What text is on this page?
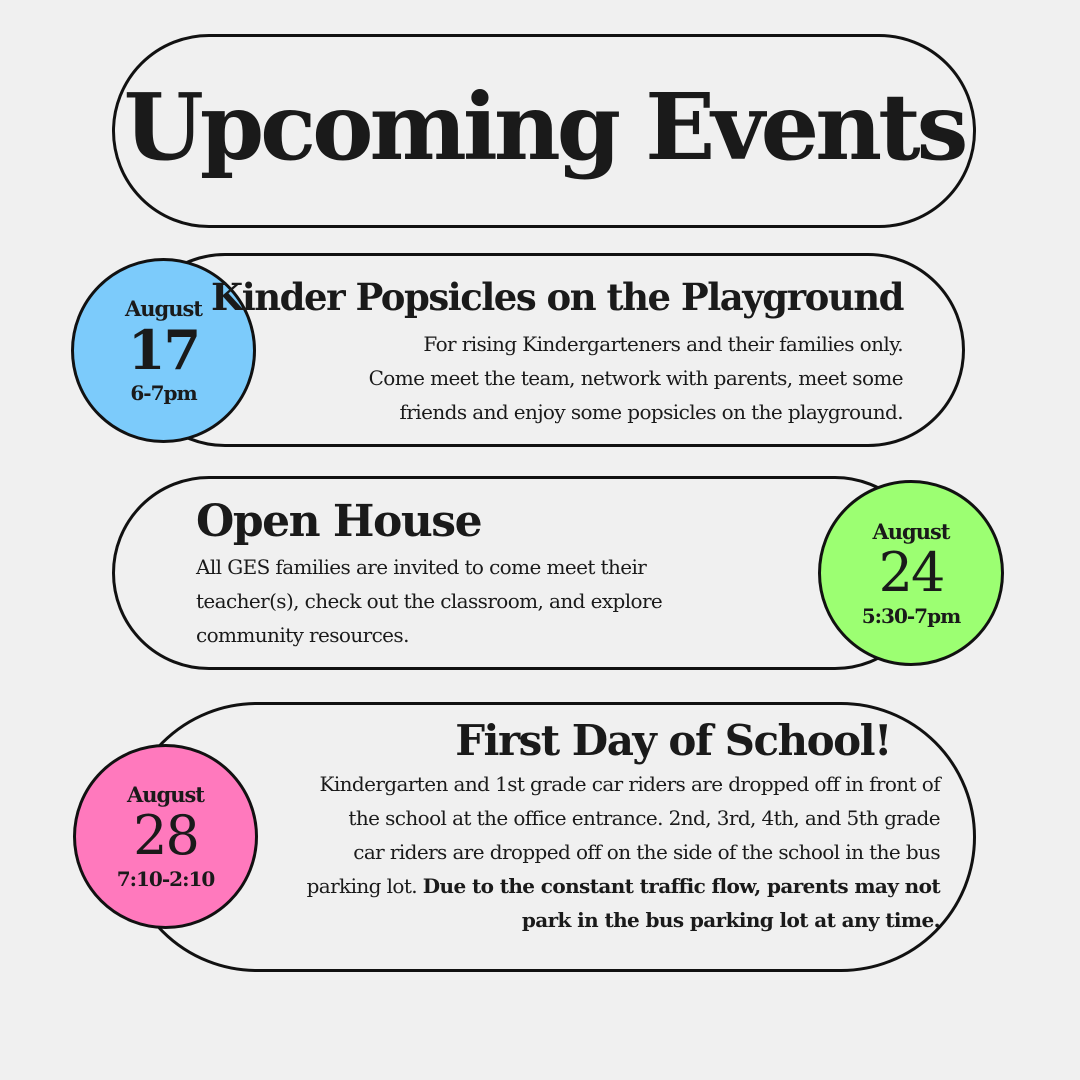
Upcoming Events
August
17
6-7pm
Kinder Popsicles on the Playground
For rising Kindergarteners and their families only.
Come meet the team, network with parents, meet some
friends and enjoy some popsicles on the playground.
August
24
5:30-7pm
Open House
All GES families are invited to come meet their
teacher(s), check out the classroom, and explore
community resources.
August
28
7:10-2:10
First Day of School!
Kindergarten and 1st grade car riders are dropped off in front of
the school at the office entrance. 2nd, 3rd, 4th, and 5th grade
car riders are dropped off on the side of the school in the bus
parking lot. Due to the constant traffic flow, parents may not
park in the bus parking lot at any time.
